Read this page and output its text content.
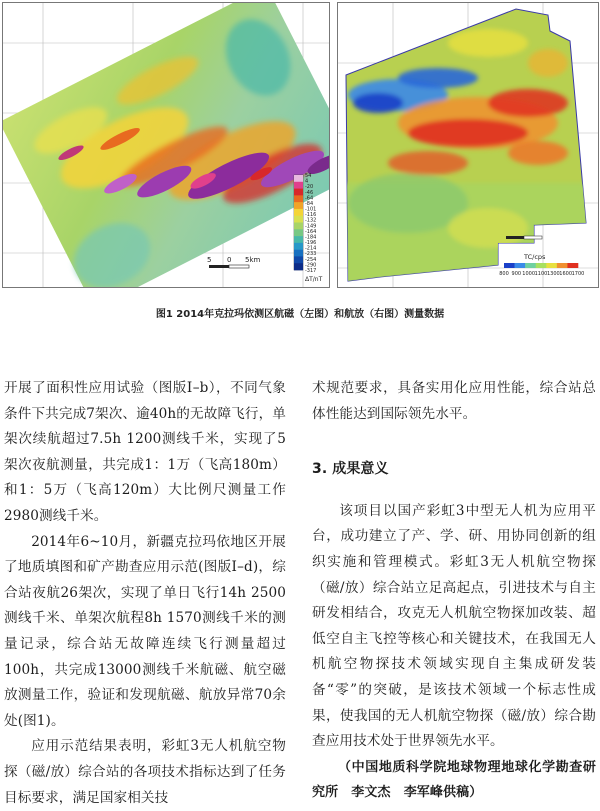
54
4
-20
-46
-64
-84
-101
-116
-132
-149
-164
-184
-196
-214
-233
-254
-290
-317
ΔT/nT
5 0 5km	TC/cps
800 900 1000 1100 1300 1600 1700
图1 2014年克拉玛依测区航磁（左图）和航放（右图）测量数据

开展了面积性应用试验（图版Ⅰ–b），不同气象条件下共完成7架次、逾40h的无故障飞行，单架次续航超过7.5h 1200测线千米，实现了5架次夜航测量，共完成1：1万（飞高180m）和1：5万（飞高120m）大比例尺测量工作2980测线千米。

2014年6~10月，新疆克拉玛依地区开展了地质填图和矿产勘查应用示范(图版Ⅰ–d)，综合站夜航26架次，实现了单日飞行14h 2500测线千米、单架次航程8h 1570测线千米的测量记录，综合站无故障连续飞行测量超过100h，共完成13000测线千米航磁、航空磁放测量工作，验证和发现航磁、航放异常70余处(图1)。

应用示范结果表明，彩虹3无人机航空物探（磁/放）综合站的各项技术指标达到了任务目标要求，满足国家相关技

术规范要求，具备实用化应用性能，综合站总体性能达到国际领先水平。

3. 成果意义

该项目以国产彩虹3中型无人机为应用平台，成功建立了产、学、研、用协同创新的组织实施和管理模式。彩虹3无人机航空物探（磁/放）综合站立足高起点，引进技术与自主研发相结合，攻克无人机航空物探加改装、超低空自主飞控等核心和关键技术，在我国无人机航空物探技术领域实现自主集成研发装备“零”的突破，是该技术领域一个标志性成果，使我国的无人机航空物探（磁/放）综合勘查应用技术处于世界领先水平。

（中国地质科学院地球物理地球化学勘查研究所　李文杰　李军峰供稿）
